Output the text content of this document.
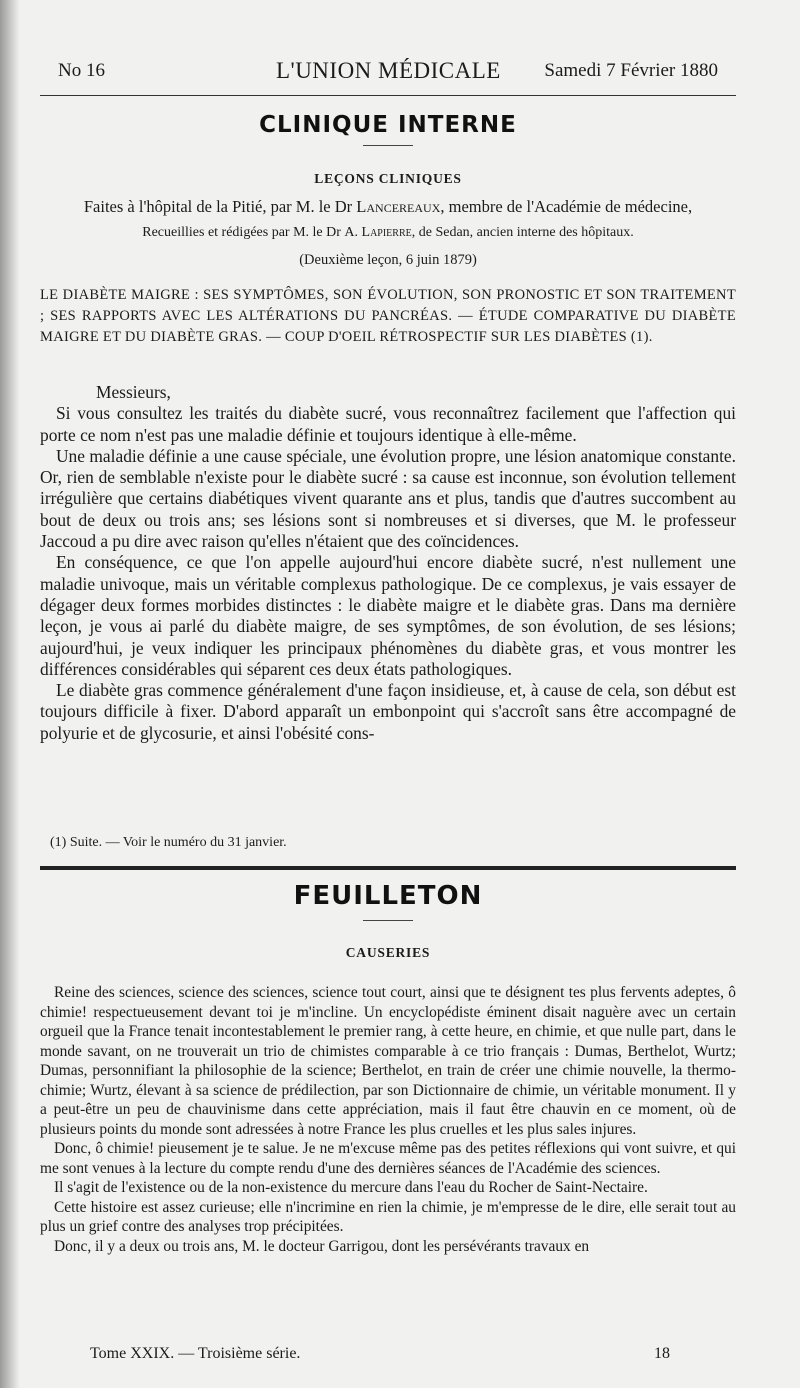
No 16	L'UNION MÉDICALE Samedi 7 Février 1880
CLINIQUE INTERNE
LEÇONS CLINIQUES
Faites à l'hôpital de la Pitié, par M. le Dr Lancereaux, membre de l'Académie de médecine,
Recueillies et rédigées par M. le Dr A. Lapierre, de Sedan, ancien interne des hôpitaux.
(Deuxième leçon, 6 juin 1879)
LE DIABÈTE MAIGRE : SES SYMPTÔMES, SON ÉVOLUTION, SON PRONOSTIC ET SON TRAITEMENT ; SES RAPPORTS AVEC LES ALTÉRATIONS DU PANCRÉAS. — ÉTUDE COMPARATIVE DU DIABÈTE MAIGRE ET DU DIABÈTE GRAS. — COUP D'OEIL RÉTROSPECTIF SUR LES DIABÈTES (1).

Messieurs,

Si vous consultez les traités du diabète sucré, vous reconnaîtrez facilement que l'affection qui porte ce nom n'est pas une maladie définie et toujours identique à elle-même.

Une maladie définie a une cause spéciale, une évolution propre, une lésion anatomique constante. Or, rien de semblable n'existe pour le diabète sucré : sa cause est inconnue, son évolution tellement irrégulière que certains diabétiques vivent quarante ans et plus, tandis que d'autres succombent au bout de deux ou trois ans; ses lésions sont si nombreuses et si diverses, que M. le professeur Jaccoud a pu dire avec raison qu'elles n'étaient que des coïncidences.

En conséquence, ce que l'on appelle aujourd'hui encore diabète sucré, n'est nullement une maladie univoque, mais un véritable complexus pathologique. De ce complexus, je vais essayer de dégager deux formes morbides distinctes : le diabète maigre et le diabète gras. Dans ma dernière leçon, je vous ai parlé du diabète maigre, de ses symptômes, de son évolution, de ses lésions; aujourd'hui, je veux indiquer les principaux phénomènes du diabète gras, et vous montrer les différences considérables qui séparent ces deux états pathologiques.

Le diabète gras commence généralement d'une façon insidieuse, et, à cause de cela, son début est toujours difficile à fixer. D'abord apparaît un embonpoint qui s'accroît sans être accompagné de polyurie et de glycosurie, et ainsi l'obésité cons-

(1) Suite. — Voir le numéro du 31 janvier.
FEUILLETON
CAUSERIES

Reine des sciences, science des sciences, science tout court, ainsi que te désignent tes plus fervents adeptes, ô chimie! respectueusement devant toi je m'incline. Un encyclopédiste éminent disait naguère avec un certain orgueil que la France tenait incontestablement le premier rang, à cette heure, en chimie, et que nulle part, dans le monde savant, on ne trouverait un trio de chimistes comparable à ce trio français : Dumas, Berthelot, Wurtz; Dumas, personnifiant la philosophie de la science; Berthelot, en train de créer une chimie nouvelle, la thermo-chimie; Wurtz, élevant à sa science de prédilection, par son Dictionnaire de chimie, un véritable monument. Il y a peut-être un peu de chauvinisme dans cette appréciation, mais il faut être chauvin en ce moment, où de plusieurs points du monde sont adressées à notre France les plus cruelles et les plus sales injures.

Donc, ô chimie! pieusement je te salue. Je ne m'excuse même pas des petites réflexions qui vont suivre, et qui me sont venues à la lecture du compte rendu d'une des dernières séances de l'Académie des sciences.

Il s'agit de l'existence ou de la non-existence du mercure dans l'eau du Rocher de Saint-Nectaire.

Cette histoire est assez curieuse; elle n'incrimine en rien la chimie, je m'empresse de le dire, elle serait tout au plus un grief contre des analyses trop précipitées.

Donc, il y a deux ou trois ans, M. le docteur Garrigou, dont les persévérants travaux en

Tome XXIX. — Troisième série.	18
